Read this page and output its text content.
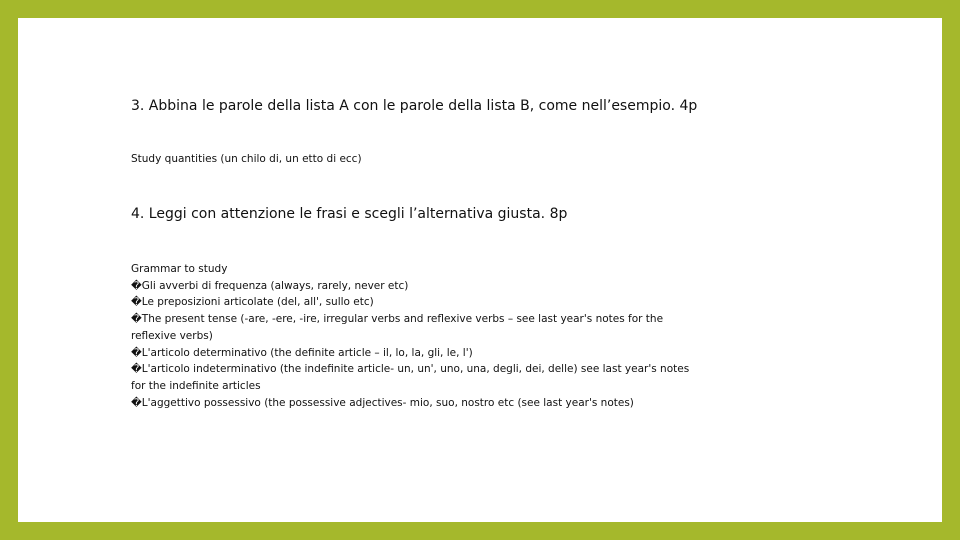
3. Abbina le parole della lista A con le parole della lista B, come nell’esempio. 4p
Study quantities (un chilo di, un etto di ecc)
4. Leggi con attenzione le frasi e scegli l’alternativa giusta. 8p
Grammar to study
�Gli avverbi di frequenza (always, rarely, never etc)
�Le preposizioni articolate (del, all', sullo etc)
�The present tense (-are, -ere, -ire, irregular verbs and reflexive verbs – see last year's notes for the reflexive verbs)
�L'articolo determinativo (the definite article – il, lo, la, gli, le, l')
�L'articolo indeterminativo (the indefinite article- un, un', uno, una, degli, dei, delle) see last year's notes for the indefinite articles
�L'aggettivo possessivo (the possessive adjectives- mio, suo, nostro etc (see last year's notes)
